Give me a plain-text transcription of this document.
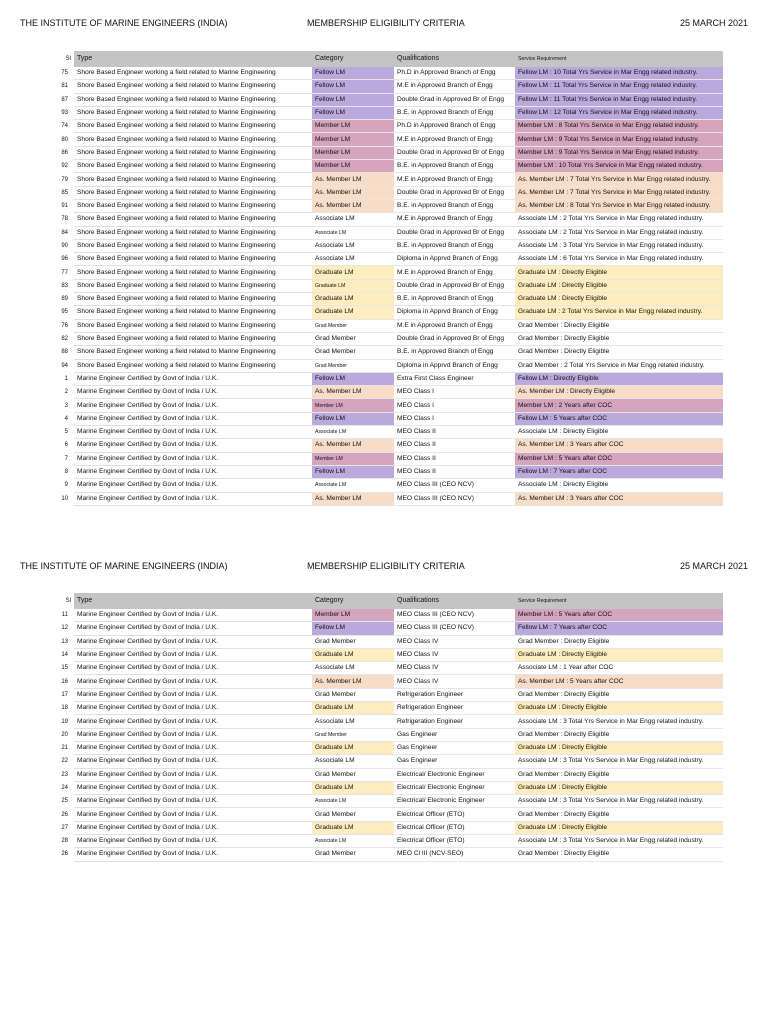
THE INSTITUTE OF MARINE ENGINEERS (INDIA)	MEMBERSHIP ELIGIBILITY CRITERIA	25 MARCH 2021
Sl	Type	Category	Qualifications	Service Requirement
75	Shore Based Engineer working a field related to Marine Engineering	Fellow LM	Ph.D in Approved Branch of Engg	Fellow LM : 10 Total Yrs Service in Mar Engg related industry.
81	Shore Based Engineer working a field related to Marine Engineering	Fellow LM	M.E in Approved Branch of Engg	Fellow LM : 11 Total Yrs Service in Mar Engg related industry.
87	Shore Based Engineer working a field related to Marine Engineering	Fellow LM	Double Grad in Approved Br of Engg	Fellow LM : 11 Total Yrs Service in Mar Engg related industry.
93	Shore Based Engineer working a field related to Marine Engineering	Fellow LM	B.E. in Approved Branch of Engg	Fellow LM : 12 Total Yrs Service in Mar Engg related industry.
74	Shore Based Engineer working a field related to Marine Engineering	Member LM	Ph.D in Approved Branch of Engg	Member LM : 8 Total Yrs Service in Mar Engg related industry.
80	Shore Based Engineer working a field related to Marine Engineering	Member LM	M.E in Approved Branch of Engg	Member LM : 9 Total Yrs Service in Mar Engg related industry.
86	Shore Based Engineer working a field related to Marine Engineering	Member LM	Double Grad in Approved Br of Engg	Member LM : 9 Total Yrs Service in Mar Engg related industry.
92	Shore Based Engineer working a field related to Marine Engineering	Member LM	B.E. in Approved Branch of Engg	Member LM : 10 Total Yrs Service in Mar Engg related industry.
79	Shore Based Engineer working a field related to Marine Engineering	As. Member LM	M.E in Approved Branch of Engg	As. Member LM : 7 Total Yrs Service in Mar Engg related industry.
85	Shore Based Engineer working a field related to Marine Engineering	As. Member LM	Double Grad in Approved Br of Engg	As. Member LM : 7 Total Yrs Service in Mar Engg related industry.
91	Shore Based Engineer working a field related to Marine Engineering	As. Member LM	B.E. in Approved Branch of Engg	As. Member LM : 8 Total Yrs Service in Mar Engg related industry.
78	Shore Based Engineer working a field related to Marine Engineering	Associate LM	M.E in Approved Branch of Engg	Associate LM : 2 Total Yrs Service in Mar Engg related industry.
84	Shore Based Engineer working a field related to Marine Engineering	Associate LM	Double Grad in Approved Br of Engg	Associate LM : 2 Total Yrs Service in Mar Engg related industry.
90	Shore Based Engineer working a field related to Marine Engineering	Associate LM	B.E. in Approved Branch of Engg	Associate LM : 3 Total Yrs Service in Mar Engg related industry.
96	Shore Based Engineer working a field related to Marine Engineering	Associate LM	Diploma in Apprvd Branch of Engg	Associate LM : 6 Total Yrs Service in Mar Engg related industry.
77	Shore Based Engineer working a field related to Marine Engineering	Graduate LM	M.E in Approved Branch of Engg	Graduate LM : Directly Eligible
83	Shore Based Engineer working a field related to Marine Engineering	Graduate LM	Double Grad in Approved Br of Engg	Graduate LM : Directly Eligible
89	Shore Based Engineer working a field related to Marine Engineering	Graduate LM	B.E. in Approved Branch of Engg	Graduate LM : Directly Eligible
95	Shore Based Engineer working a field related to Marine Engineering	Graduate LM	Diploma in Apprvd Branch of Engg	Graduate LM : 2 Total Yrs Service in Mar Engg related industry.
76	Shore Based Engineer working a field related to Marine Engineering	Grad Member	M.E in Approved Branch of Engg	Grad Member : Directly Eligible
82	Shore Based Engineer working a field related to Marine Engineering	Grad Member	Double Grad in Approved Br of Engg	Grad Member : Directly Eligible
88	Shore Based Engineer working a field related to Marine Engineering	Grad Member	B.E. in Approved Branch of Engg	Grad Member : Directly Eligible
94	Shore Based Engineer working a field related to Marine Engineering	Grad Member	Diploma in Apprvd Branch of Engg	Grad Member : 2 Total Yrs Service in Mar Engg related industry.
1	Marine Engineer Certified by Govt of India / U.K.	Fellow LM	Extra First Class Engineer	Fellow LM : Directly Eligible
2	Marine Engineer Certified by Govt of India / U.K.	As. Member LM	MEO Class I	As. Member LM : Directly Eligible
3	Marine Engineer Certified by Govt of India / U.K.	Member LM	MEO Class I	Member LM : 2 Years after COC
4	Marine Engineer Certified by Govt of India / U.K.	Fellow LM	MEO Class I	Fellow LM : 5 Years after COC
5	Marine Engineer Certified by Govt of India / U.K.	Associate LM	MEO Class II	Associate LM : Directly Eligible
6	Marine Engineer Certified by Govt of India / U.K.	As. Member LM	MEO Class II	As. Member LM : 3 Years after COC
7	Marine Engineer Certified by Govt of India / U.K.	Member LM	MEO Class II	Member LM : 5 Years after COC
8	Marine Engineer Certified by Govt of India / U.K.	Fellow LM	MEO Class II	Fellow LM : 7 Years after COC
9	Marine Engineer Certified by Govt of India / U.K.	Associate LM	MEO Class III (CEO NCV)	Associate LM : Directly Eligible
10	Marine Engineer Certified by Govt of India / U.K.	As. Member LM	MEO Class III (CEO NCV)	As. Member LM : 3 Years after COC
THE INSTITUTE OF MARINE ENGINEERS (INDIA)	MEMBERSHIP ELIGIBILITY CRITERIA	25 MARCH 2021
Sl	Type	Category	Qualifications	Service Requirement
11	Marine Engineer Certified by Govt of India / U.K.	Member LM	MEO Class III (CEO NCV)	Member LM : 5 Years after COC
12	Marine Engineer Certified by Govt of India / U.K.	Fellow LM	MEO Class III (CEO NCV)	Fellow LM : 7 Years after COC
13	Marine Engineer Certified by Govt of India / U.K.	Grad Member	MEO Class IV	Grad Member : Directly Eligible
14	Marine Engineer Certified by Govt of India / U.K.	Graduate LM	MEO Class IV	Graduate LM : Directly Eligible
15	Marine Engineer Certified by Govt of India / U.K.	Associate LM	MEO Class IV	Associate LM : 1 Year after COC
16	Marine Engineer Certified by Govt of India / U.K.	As. Member LM	MEO Class IV	As. Member LM : 5 Years after COC
17	Marine Engineer Certified by Govt of India / U.K.	Grad Member	Refrigeration Engineer	Grad Member : Directly Eligible
18	Marine Engineer Certified by Govt of India / U.K.	Graduate LM	Refrigeration Engineer	Graduate LM : Directly Eligible
19	Marine Engineer Certified by Govt of India / U.K.	Associate LM	Refrigeration Engineer	Associate LM : 3 Total Yrs Service in Mar Engg related industry.
20	Marine Engineer Certified by Govt of India / U.K.	Grad Member	Gas Engineer	Grad Member : Directly Eligible
21	Marine Engineer Certified by Govt of India / U.K.	Graduate LM	Gas Engineer	Graduate LM : Directly Eligible
22	Marine Engineer Certified by Govt of India / U.K.	Associate LM	Gas Engineer	Associate LM : 3 Total Yrs Service in Mar Engg related industry.
23	Marine Engineer Certified by Govt of India / U.K.	Grad Member	Electrical/ Electronic Engineer	Grad Member : Directly Eligible
24	Marine Engineer Certified by Govt of India / U.K.	Graduate LM	Electrical/ Electronic Engineer	Graduate LM : Directly Eligible
25	Marine Engineer Certified by Govt of India / U.K.	Associate LM	Electrical/ Electronic Engineer	Associate LM : 3 Total Yrs Service in Mar Engg related industry.
26	Marine Engineer Certified by Govt of India / U.K.	Grad Member	Electrical Officer (ETO)	Grad Member : Directly Eligible
27	Marine Engineer Certified by Govt of India / U.K.	Graduate LM	Electrical Officer (ETO)	Graduate LM : Directly Eligible
28	Marine Engineer Certified by Govt of India / U.K.	Associate LM	Electrical Officer (ETO)	Associate LM : 3 Total Yrs Service in Mar Engg related industry.
26	Marine Engineer Certified by Govt of India / U.K.	Grad Member	MEO Cl III (NCV-SEO)	Grad Member : Directly Eligible
